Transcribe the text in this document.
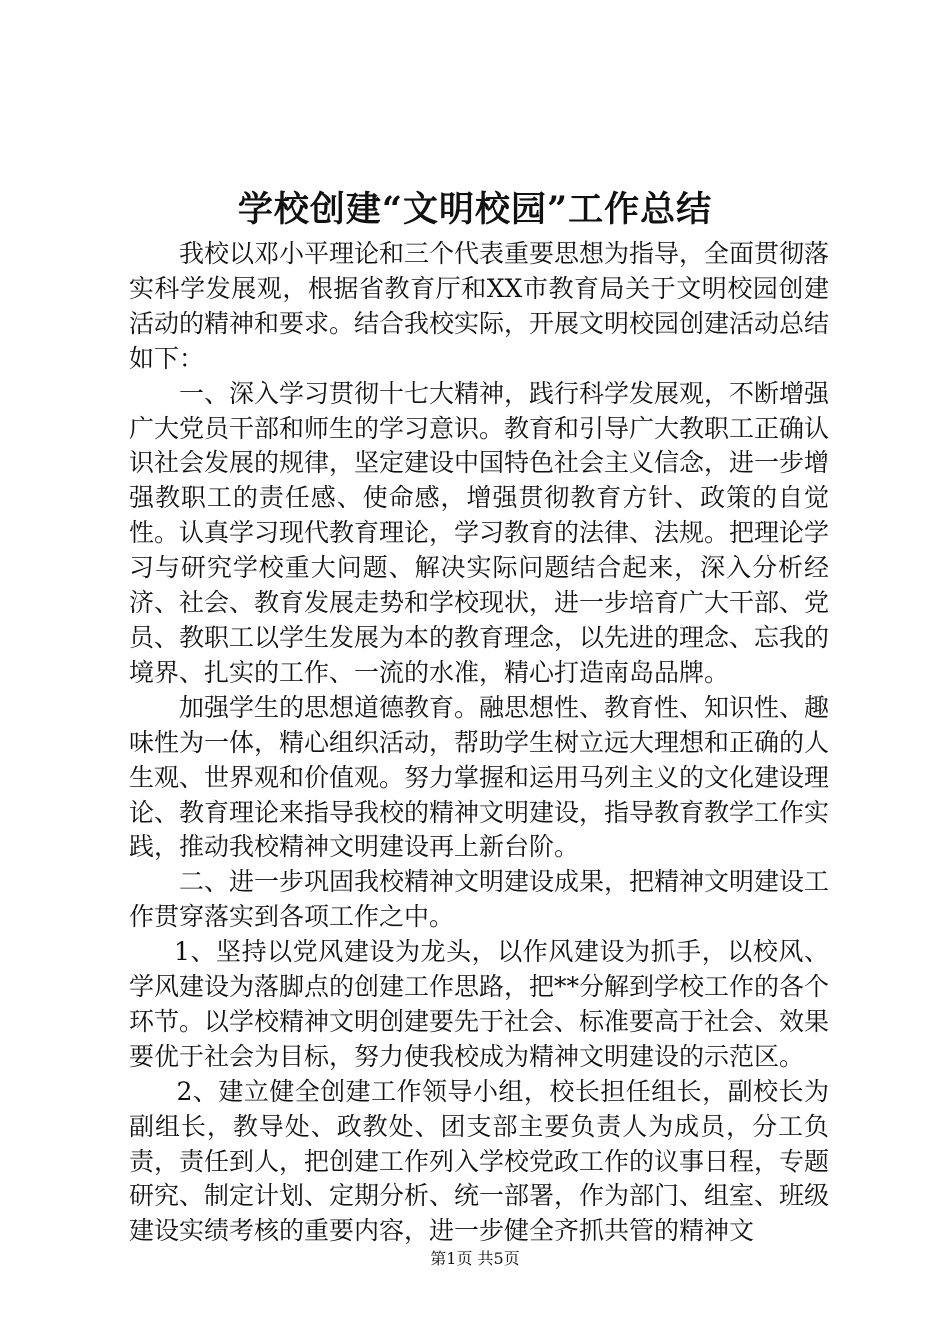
学校创建“文明校园”工作总结

我校以邓小平理论和三个代表重要思想为指导，全面贯彻落实科学发展观，根据省教育厅和XX市教育局关于文明校园创建活动的精神和要求。结合我校实际，开展文明校园创建活动总结如下：

一、深入学习贯彻十七大精神，践行科学发展观，不断增强广大党员干部和师生的学习意识。教育和引导广大教职工正确认识社会发展的规律，坚定建设中国特色社会主义信念，进一步增强教职工的责任感、使命感，增强贯彻教育方针、政策的自觉性。认真学习现代教育理论，学习教育的法律、法规。把理论学习与研究学校重大问题、解决实际问题结合起来，深入分析经济、社会、教育发展走势和学校现状，进一步培育广大干部、党员、教职工以学生发展为本的教育理念，以先进的理念、忘我的境界、扎实的工作、一流的水准，精心打造南岛品牌。

加强学生的思想道德教育。融思想性、教育性、知识性、趣味性为一体，精心组织活动，帮助学生树立远大理想和正确的人生观、世界观和价值观。努力掌握和运用马列主义的文化建设理论、教育理论来指导我校的精神文明建设，指导教育教学工作实践，推动我校精神文明建设再上新台阶。

二、进一步巩固我校精神文明建设成果，把精神文明建设工作贯穿落实到各项工作之中。

1、坚持以党风建设为龙头，以作风建设为抓手，以校风、学风建设为落脚点的创建工作思路，把**分解到学校工作的各个环节。以学校精神文明创建要先于社会、标准要高于社会、效果要优于社会为目标，努力使我校成为精神文明建设的示范区。

2、建立健全创建工作领导小组，校长担任组长，副校长为副组长，教导处、政教处、团支部主要负责人为成员，分工负责，责任到人，把创建工作列入学校党政工作的议事日程，专题研究、制定计划、定期分析、统一部署，作为部门、组室、班级建设实绩考核的重要内容，进一步健全齐抓共管的精神文

第1页 共5页
